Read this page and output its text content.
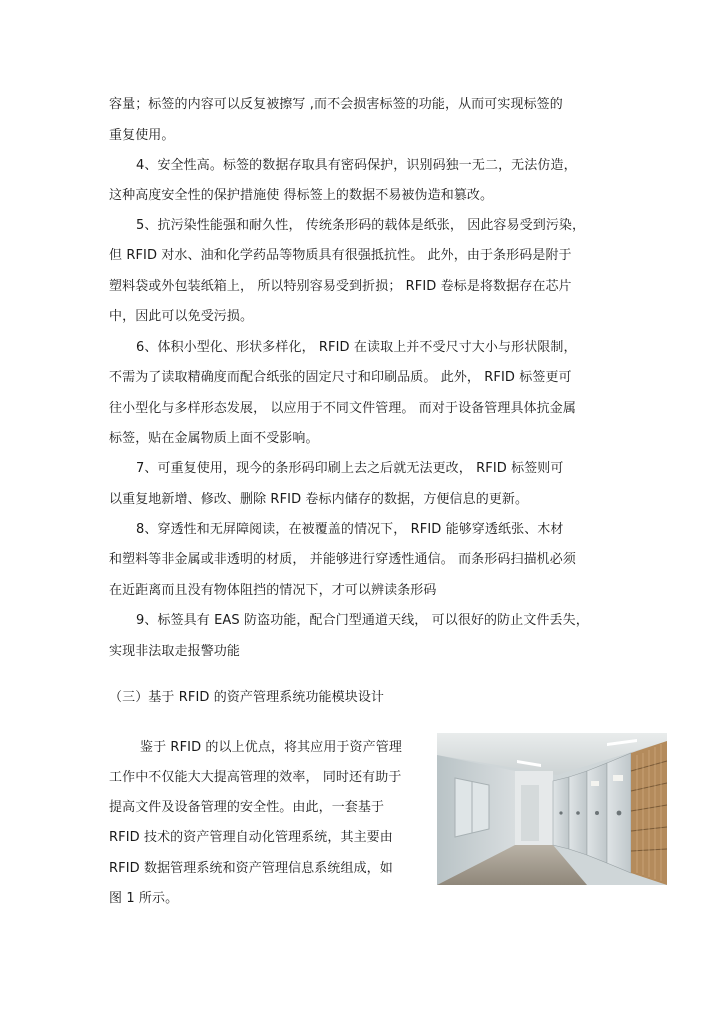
容量；标签的内容可以反复被擦写 ,而不会损害标签的功能，从而可实现标签的
重复使用。
4、安全性高。标签的数据存取具有密码保护，识别码独一无二，无法仿造，
这种高度安全性的保护措施使 得标签上的数据不易被伪造和篡改。
5、抗污染性能强和耐久性， 传统条形码的载体是纸张， 因此容易受到污染，
但 RFID 对水、油和化学药品等物质具有很强抵抗性。 此外，由于条形码是附于
塑料袋或外包装纸箱上， 所以特别容易受到折损； RFID 卷标是将数据存在芯片
中，因此可以免受污损。
6、体积小型化、形状多样化， RFID 在读取上并不受尺寸大小与形状限制，
不需为了读取精确度而配合纸张的固定尺寸和印刷品质。 此外， RFID 标签更可
往小型化与多样形态发展， 以应用于不同文件管理。 而对于设备管理具体抗金属
标签，贴在金属物质上面不受影响。
7、可重复使用，现今的条形码印刷上去之后就无法更改， RFID 标签则可
以重复地新增、修改、删除 RFID 卷标内储存的数据，方便信息的更新。
8、穿透性和无屏障阅读，在被覆盖的情况下， RFID 能够穿透纸张、木材
和塑料等非金属或非透明的材质， 并能够进行穿透性通信。 而条形码扫描机必须
在近距离而且没有物体阻挡的情况下，才可以辨读条形码
9、标签具有 EAS 防盗功能，配合门型通道天线， 可以很好的防止文件丢失，
实现非法取走报警功能
（三）基于 RFID 的资产管理系统功能模块设计
鉴于 RFID 的以上优点，将其应用于资产管理
工作中不仅能大大提高管理的效率， 同时还有助于
提高文件及设备管理的安全性。由此，一套基于
RFID 技术的资产管理自动化管理系统，其主要由
RFID 数据管理系统和资产管理信息系统组成，如
图 1 所示。
